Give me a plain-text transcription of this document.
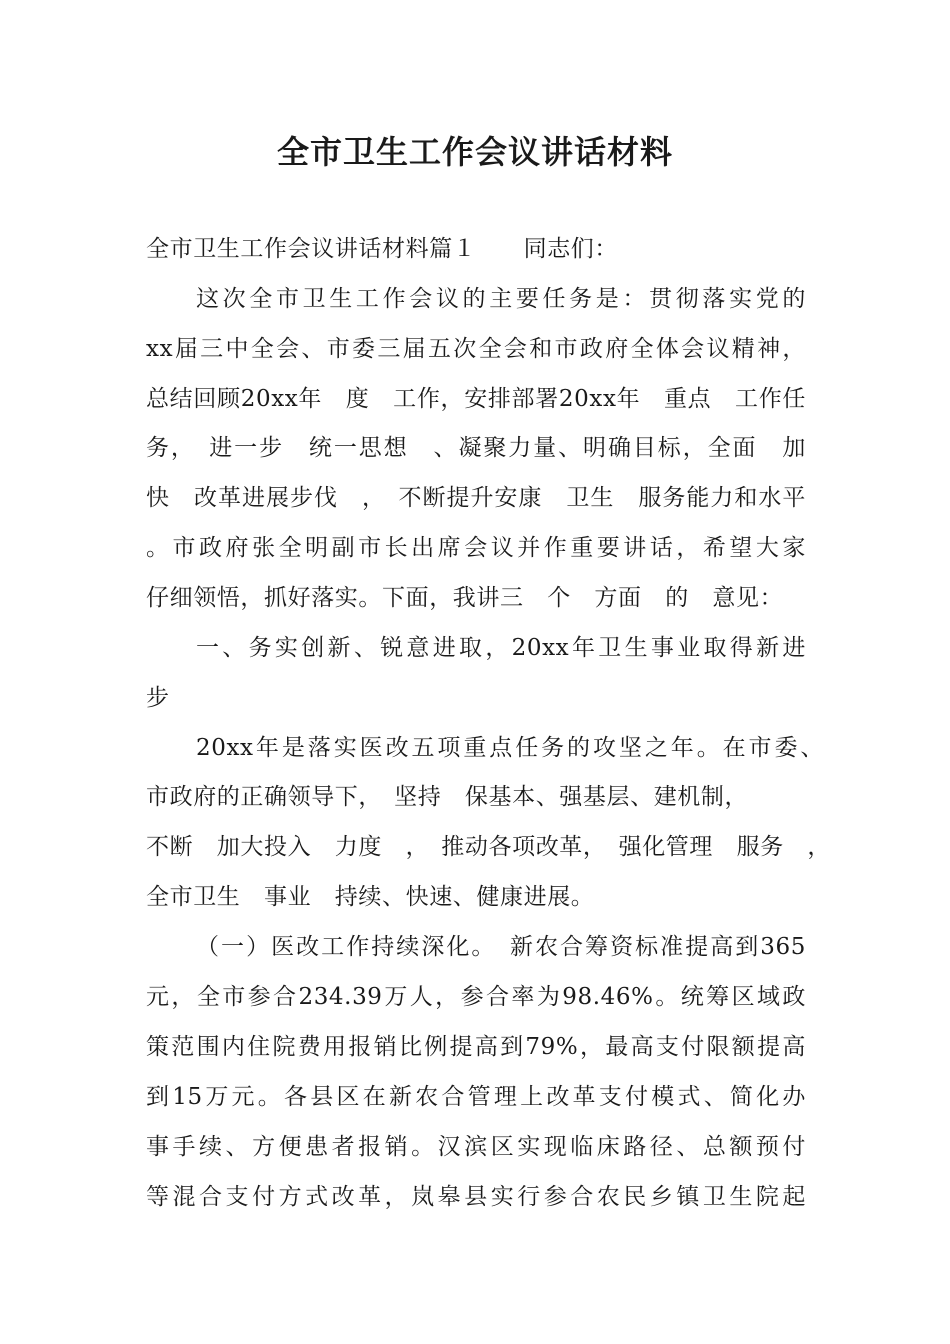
全市卫生工作会议讲话材料
全市卫生工作会议讲话材料篇１　　同志们：
这次全市卫生工作会议的主要任务是：贯彻落实党的
xx届三中全会、市委三届五次全会和市政府全体会议精神，
总结回顾20xx年　度　工作，安排部署20xx年　重点　工作任
务，　进一步　统一思想　、凝聚力量、明确目标，全面　加
快　改革进展步伐　，　不断提升安康　卫生　服务能力和水平
。市政府张全明副市长出席会议并作重要讲话，希望大家
仔细领悟，抓好落实。下面，我讲三　个　方面　的　意见：
一、务实创新、锐意进取，20xx年卫生事业取得新进
步
20xx年是落实医改五项重点任务的攻坚之年。在市委、
市政府的正确领导下，　坚持　保基本、强基层、建机制，
不断　加大投入　力度　，　推动各项改革，　强化管理　服务　，
全市卫生　事业　持续、快速、健康进展。
（一）医改工作持续深化。　新农合筹资标准提高到365
元，全市参合234.39万人，参合率为98.46%。统筹区域政
策范围内住院费用报销比例提高到79%，最高支付限额提高
到15万元。各县区在新农合管理上改革支付模式、简化办
事手续、方便患者报销。汉滨区实现临床路径、总额预付
等混合支付方式改革，岚皋县实行参合农民乡镇卫生院起
